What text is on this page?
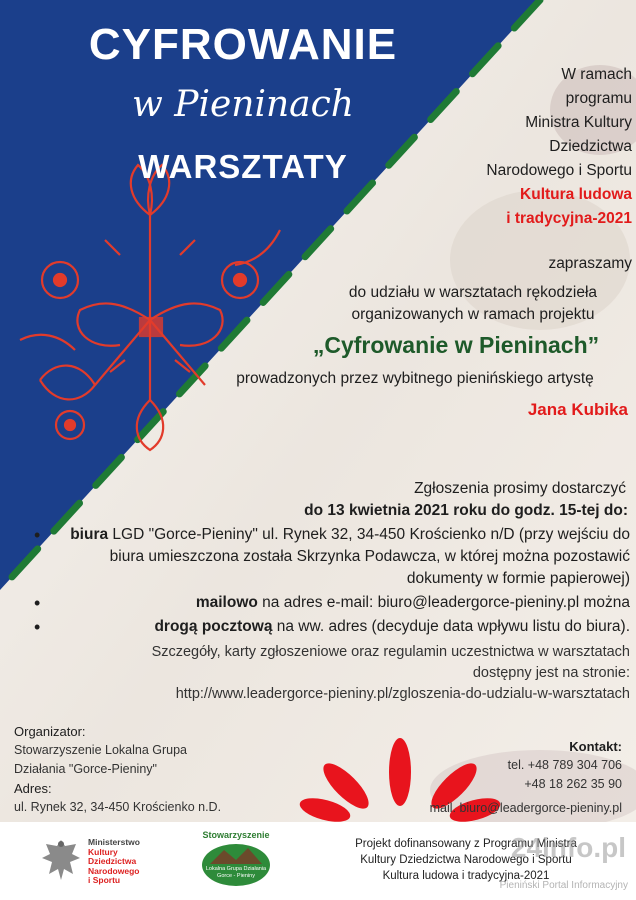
CYFROWANIE
w Pieninach
WARSZTATY
W ramach
programu
Ministra Kultury
Dziedzictwa
Narodowego i Sportu
Kultura ludowa
i tradycyjna-2021
zapraszamy
do udziału w warsztatach rękodzieła
organizowanych w ramach projektu
„Cyfrowanie w Pieninach”
prowadzonych przez wybitnego pienińskiego artystę
Jana Kubika
Zgłoszenia prosimy dostarczyć
do 13 kwietnia 2021 roku do godz. 15-tej do:
• biura LGD "Gorce-Pieniny" ul. Rynek 32, 34-450 Krościenko n/D (przy wejściu do biura umieszczona została Skrzynka Podawcza, w której można pozostawić dokumenty w formie papierowej)
• mailowo na adres e-mail: biuro@leadergorce-pieniny.pl można
• drogą pocztową na ww. adres (decyduje data wpływu listu do biura).
Szczegóły, karty zgłoszeniowe oraz regulamin uczestnictwa w warsztatach
dostępny jest na stronie:
http://www.leadergorce-pieniny.pl/zgloszenia-do-udzialu-w-warsztatach
Organizator:
Stowarzyszenie Lokalna Grupa
Działania "Gorce-Pieniny"
Adres:
ul. Rynek 32, 34-450 Krościenko n.D.
Kontakt:
tel. +48 789 304 706
+48 18 262 35 90
mail. biuro@leadergorce-pieniny.pl
Ministerstwo
Kultury
Dziedzictwa
Narodowego
i Sportu
Stowarzyszenie
Lokalna Grupa Działania
Gorce - Pieniny
Projekt dofinansowany z Programu Ministra
Kultury Dziedzictwa Narodowego i Sportu
Kultura ludowa i tradycyjna-2021
24info.pl
Pieniński Portal Informacyjny
